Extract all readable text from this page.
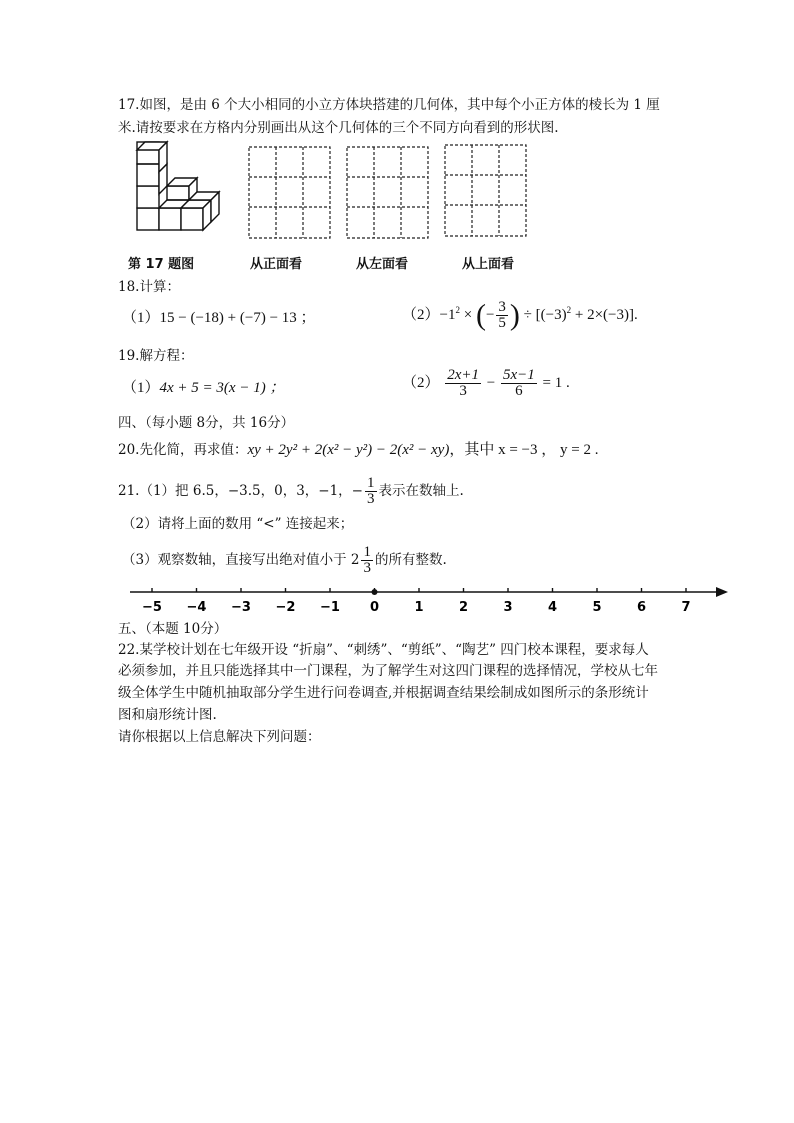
17.如图，是由 6 个大小相同的小立方体块搭建的几何体，其中每个小正方体的棱长为 1 厘
米.请按要求在方格内分别画出从这个几何体的三个不同方向看到的形状图.
第 17 题图	从正面看	从左面看	从上面看
18.计算：
（1）15 − (−18) + (−7) − 13 ；	$(2)-1^2$ × (− $\frac{3}{5}$ ) ÷ $[(-3)^2 + 2\times(-3)]$.
19.解方程：
（1）4x + 5 = 3(x − 1) ；	$(2) \frac{2x+1}{3} - \frac{5x-1}{6} = 1$ .
四、（每小题 8分，共 16分）
20.先化简，再求值：xy + 2y² + 2(x² − y²) − 2(x² − xy)，其中 x = −3 ， y = 2 .
21.（1）把 6.5，−3.5，0，3，−1，− $\frac{1}{3}$ 表示在数轴上.
（2）请将上面的数用 “<” 连接起来；
（3）观察数轴，直接写出绝对值小于 $2 \frac{1}{3}$ 的所有整数.
−5 −4 −3 −2 −1 0	1	2	3	4	5	6	7
五、（本题 10分）
22.某学校计划在七年级开设 “折扇”、“刺绣”、“剪纸”、“陶艺” 四门校本课程，要求每人
必须参加，并且只能选择其中一门课程，为了解学生对这四门课程的选择情况，学校从七年
级全体学生中随机抽取部分学生进行问卷调查,并根据调查结果绘制成如图所示的条形统计
图和扇形统计图.
请你根据以上信息解决下列问题：
